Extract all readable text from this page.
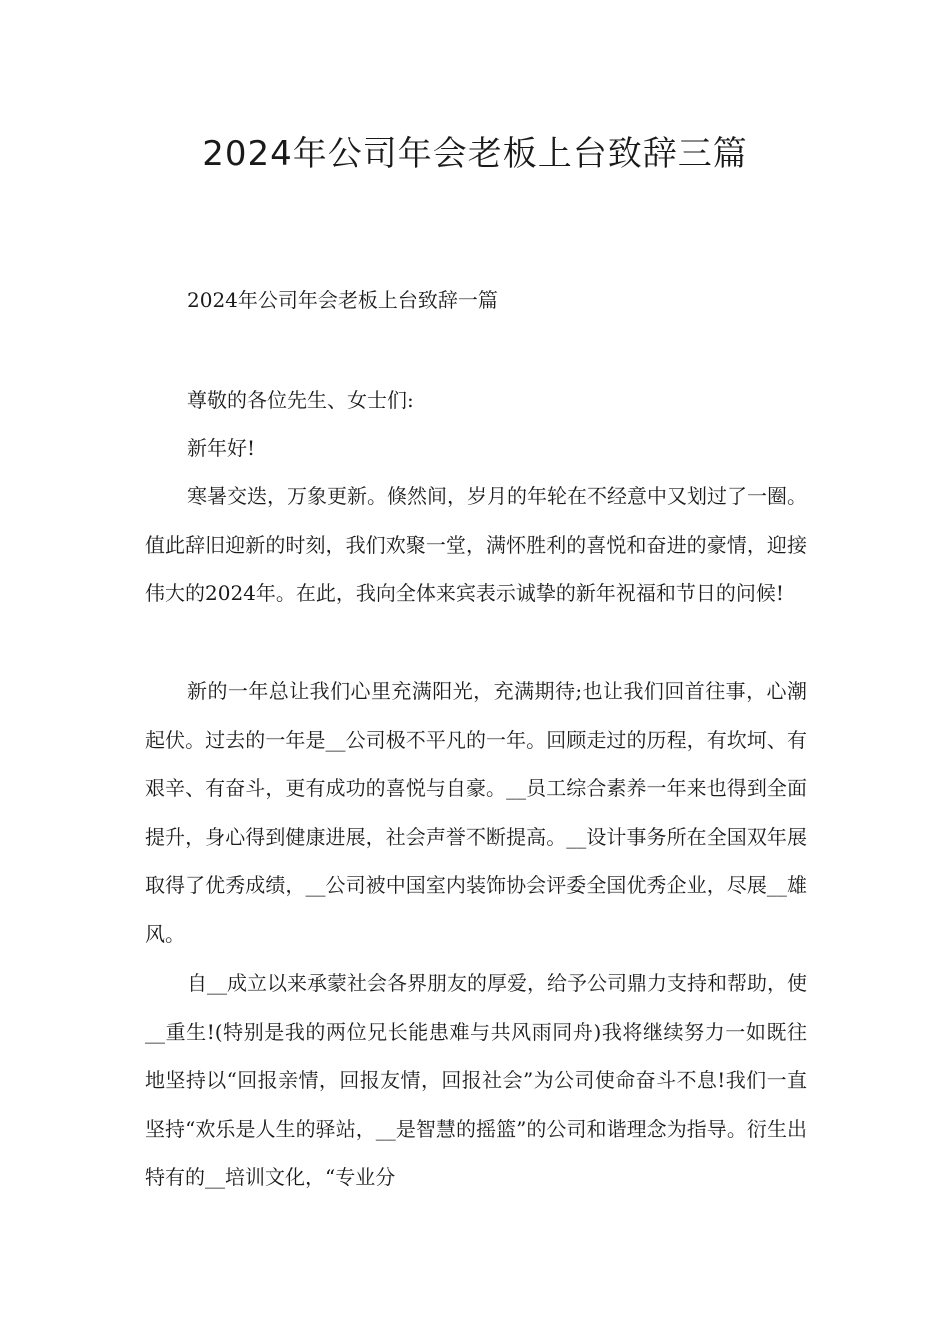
2024年公司年会老板上台致辞三篇
2024年公司年会老板上台致辞一篇

尊敬的各位先生、女士们:

新年好!

寒暑交迭，万象更新。倏然间，岁月的年轮在不经意中又划过了一圈。值此辞旧迎新的时刻，我们欢聚一堂，满怀胜利的喜悦和奋进的豪情，迎接伟大的2024年。在此，我向全体来宾表示诚挚的新年祝福和节日的问候!

新的一年总让我们心里充满阳光，充满期待;也让我们回首往事，心潮起伏。过去的一年是__公司极不平凡的一年。回顾走过的历程，有坎坷、有艰辛、有奋斗，更有成功的喜悦与自豪。__员工综合素养一年来也得到全面提升，身心得到健康进展，社会声誉不断提高。__设计事务所在全国双年展取得了优秀成绩，__公司被中国室内装饰协会评委全国优秀企业，尽展__雄风。

自__成立以来承蒙社会各界朋友的厚爱，给予公司鼎力支持和帮助，使__重生!(特别是我的两位兄长能患难与共风雨同舟)我将继续努力一如既往地坚持以“回报亲情，回报友情，回报社会”为公司使命奋斗不息!我们一直坚持“欢乐是人生的驿站，__是智慧的摇篮”的公司和谐理念为指导。衍生出特有的__培训文化，“专业分
